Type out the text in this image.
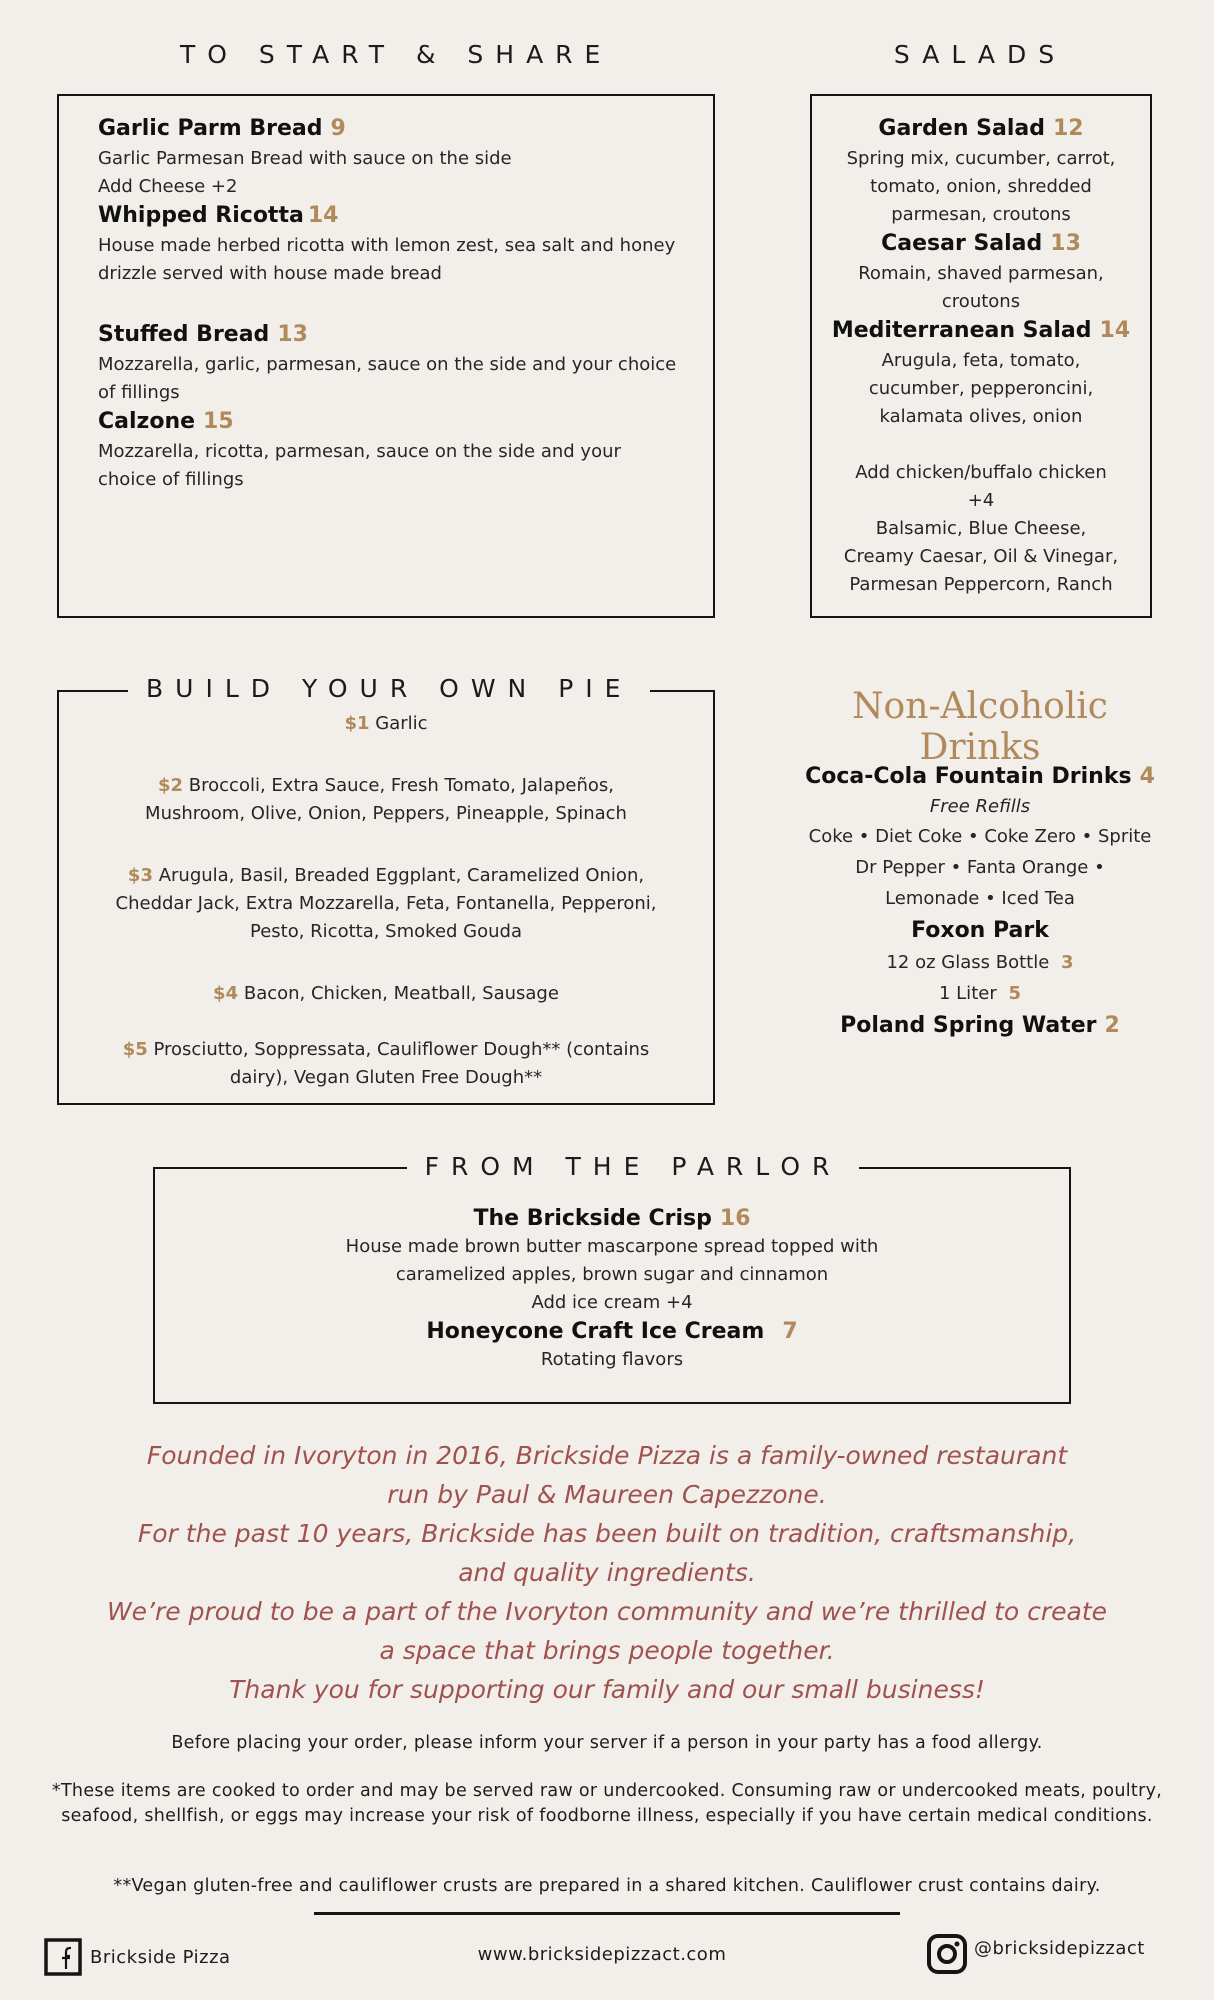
TO START & SHARE
Garlic Parm Bread 9
Garlic Parmesan Bread with sauce on the side
Add Cheese +2
Whipped Ricotta 14
House made herbed ricotta with lemon zest, sea salt and honey
drizzle served with house made bread
Stuffed Bread 13
Mozzarella, garlic, parmesan, sauce on the side and your choice
of fillings
Calzone 15
Mozzarella, ricotta, parmesan, sauce on the side and your
choice of fillings
SALADS
Garden Salad 12
Spring mix, cucumber, carrot,
tomato, onion, shredded
parmesan, croutons
Caesar Salad 13
Romain, shaved parmesan,
croutons
Mediterranean Salad 14
Arugula, feta, tomato,
cucumber, pepperoncini,
kalamata olives, onion
Add chicken/buffalo chicken
+4
Balsamic, Blue Cheese,
Creamy Caesar, Oil & Vinegar,
Parmesan Peppercorn, Ranch
BUILD YOUR OWN PIE
$1 Garlic
$2 Broccoli, Extra Sauce, Fresh Tomato, Jalapeños,
Mushroom, Olive, Onion, Peppers, Pineapple, Spinach
$3 Arugula, Basil, Breaded Eggplant, Caramelized Onion,
Cheddar Jack, Extra Mozzarella, Feta, Fontanella, Pepperoni,
Pesto, Ricotta, Smoked Gouda
$4 Bacon, Chicken, Meatball, Sausage
$5 Prosciutto, Soppressata, Cauliflower Dough** (contains
dairy), Vegan Gluten Free Dough**
Non-Alcoholic Drinks
Coca-Cola Fountain Drinks 4
Free Refills
Coke • Diet Coke • Coke Zero • Sprite
Dr Pepper • Fanta Orange •
Lemonade • Iced Tea
Foxon Park
12 oz Glass Bottle 3
1 Liter 5
Poland Spring Water 2
FROM THE PARLOR
The Brickside Crisp 16
House made brown butter mascarpone spread topped with
caramelized apples, brown sugar and cinnamon
Add ice cream +4
Honeycone Craft Ice Cream 7
Rotating flavors
Founded in Ivoryton in 2016, Brickside Pizza is a family-owned restaurant
run by Paul & Maureen Capezzone.
For the past 10 years, Brickside has been built on tradition, craftsmanship,
and quality ingredients.
We’re proud to be a part of the Ivoryton community and we’re thrilled to create
a space that brings people together.
Thank you for supporting our family and our small business!
Before placing your order, please inform your server if a person in your party has a food allergy.
*These items are cooked to order and may be served raw or undercooked. Consuming raw or undercooked meats, poultry, seafood, shellfish, or eggs may increase your risk of foodborne illness, especially if you have certain medical conditions.
**Vegan gluten-free and cauliflower crusts are prepared in a shared kitchen. Cauliflower crust contains dairy.
Brickside Pizza	www.bricksidepizzact.com	@bricksidepizzact
